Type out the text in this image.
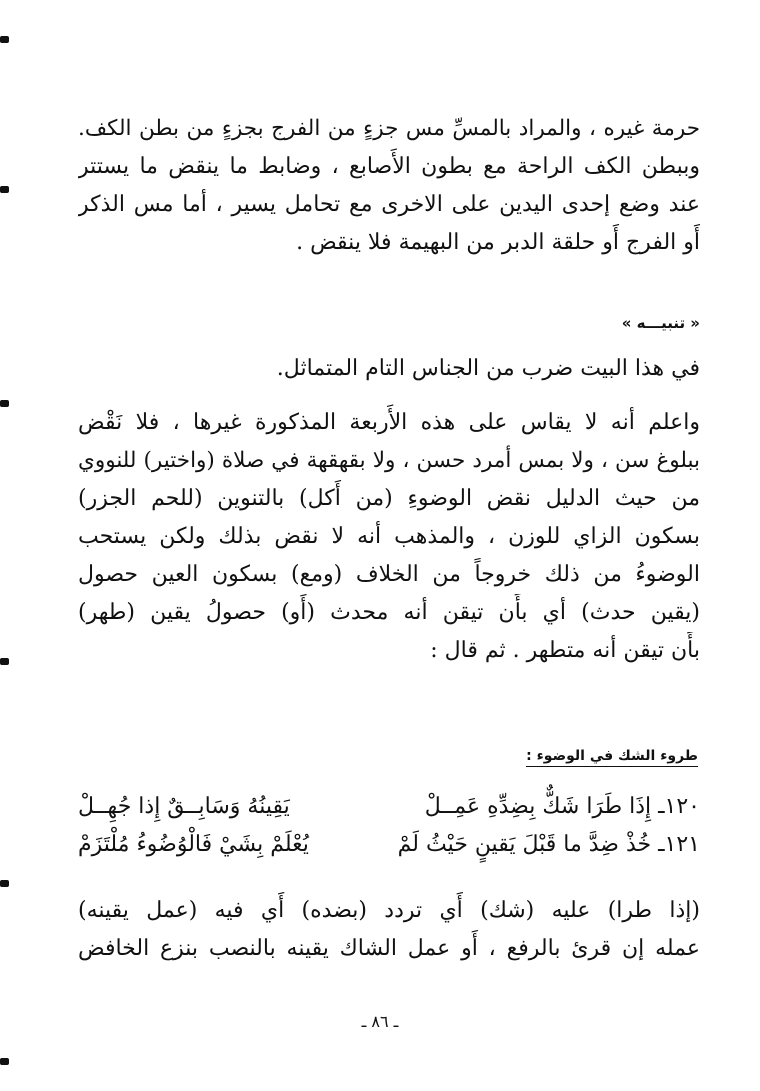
حرمة غيره ، والمراد بالمسِّ مس جزءٍ من الفرج بجزءٍ من بطن الكف.
وببطن الكف الراحة مع بطون الأَصابع ، وضابط ما ينقض ما يستتر
عند وضع إحدى اليدين على الاخرى مع تحامل يسير ، أما مس الذكر
أَو الفرج أَو حلقة الدبر من البهيمة فلا ينقض .
« تنبيـــه »
في هذا البيت ضرب من الجناس التام المتماثل.
واعلم أنه لا يقاس على هذه الأَربعة المذكورة غيرها ، فلا نَقْض
ببلوغ سن ، ولا بمس أمرد حسن ، ولا بقهقهة في صلاة (واختير) للنووي
من حيث الدليل نقض الوضوءِ (من أَكل) بالتنوين (للحم الجزر)
بسكون الزاي للوزن ، والمذهب أنه لا نقض بذلك ولكن يستحب
الوضوءُ من ذلك خروجاً من الخلاف (ومع) بسكون العين حصول
(يقين حدث) أي بأَن تيقن أنه محدث (أَو) حصولُ يقين (طهر)
بأَن تيقن أنه متطهر . ثم قال :
طروء الشك في الوضوء :
١٢٠ـ إِذَا طَرَا شَكٌّ بِضِدِّهِ عَمِــلْ
يَقِينُهُ وَسَابِــقٌ إِذا جُهِــلْ
١٢١ـ خُذْ ضِدَّ ما قَبْلَ يَقينٍ حَيْثُ لَمْ
يُعْلَمْ بِشَيْ فَالْوُضُوءُ مُلْتَزَمْ
(إذا طرا) عليه (شك) أَي تردد (بضده) أَي فيه (عمل يقينه)
عمله إن قرئ بالرفع ، أَو عمل الشاك يقينه بالنصب بنزع الخافض
ـ ٨٦ ـ
